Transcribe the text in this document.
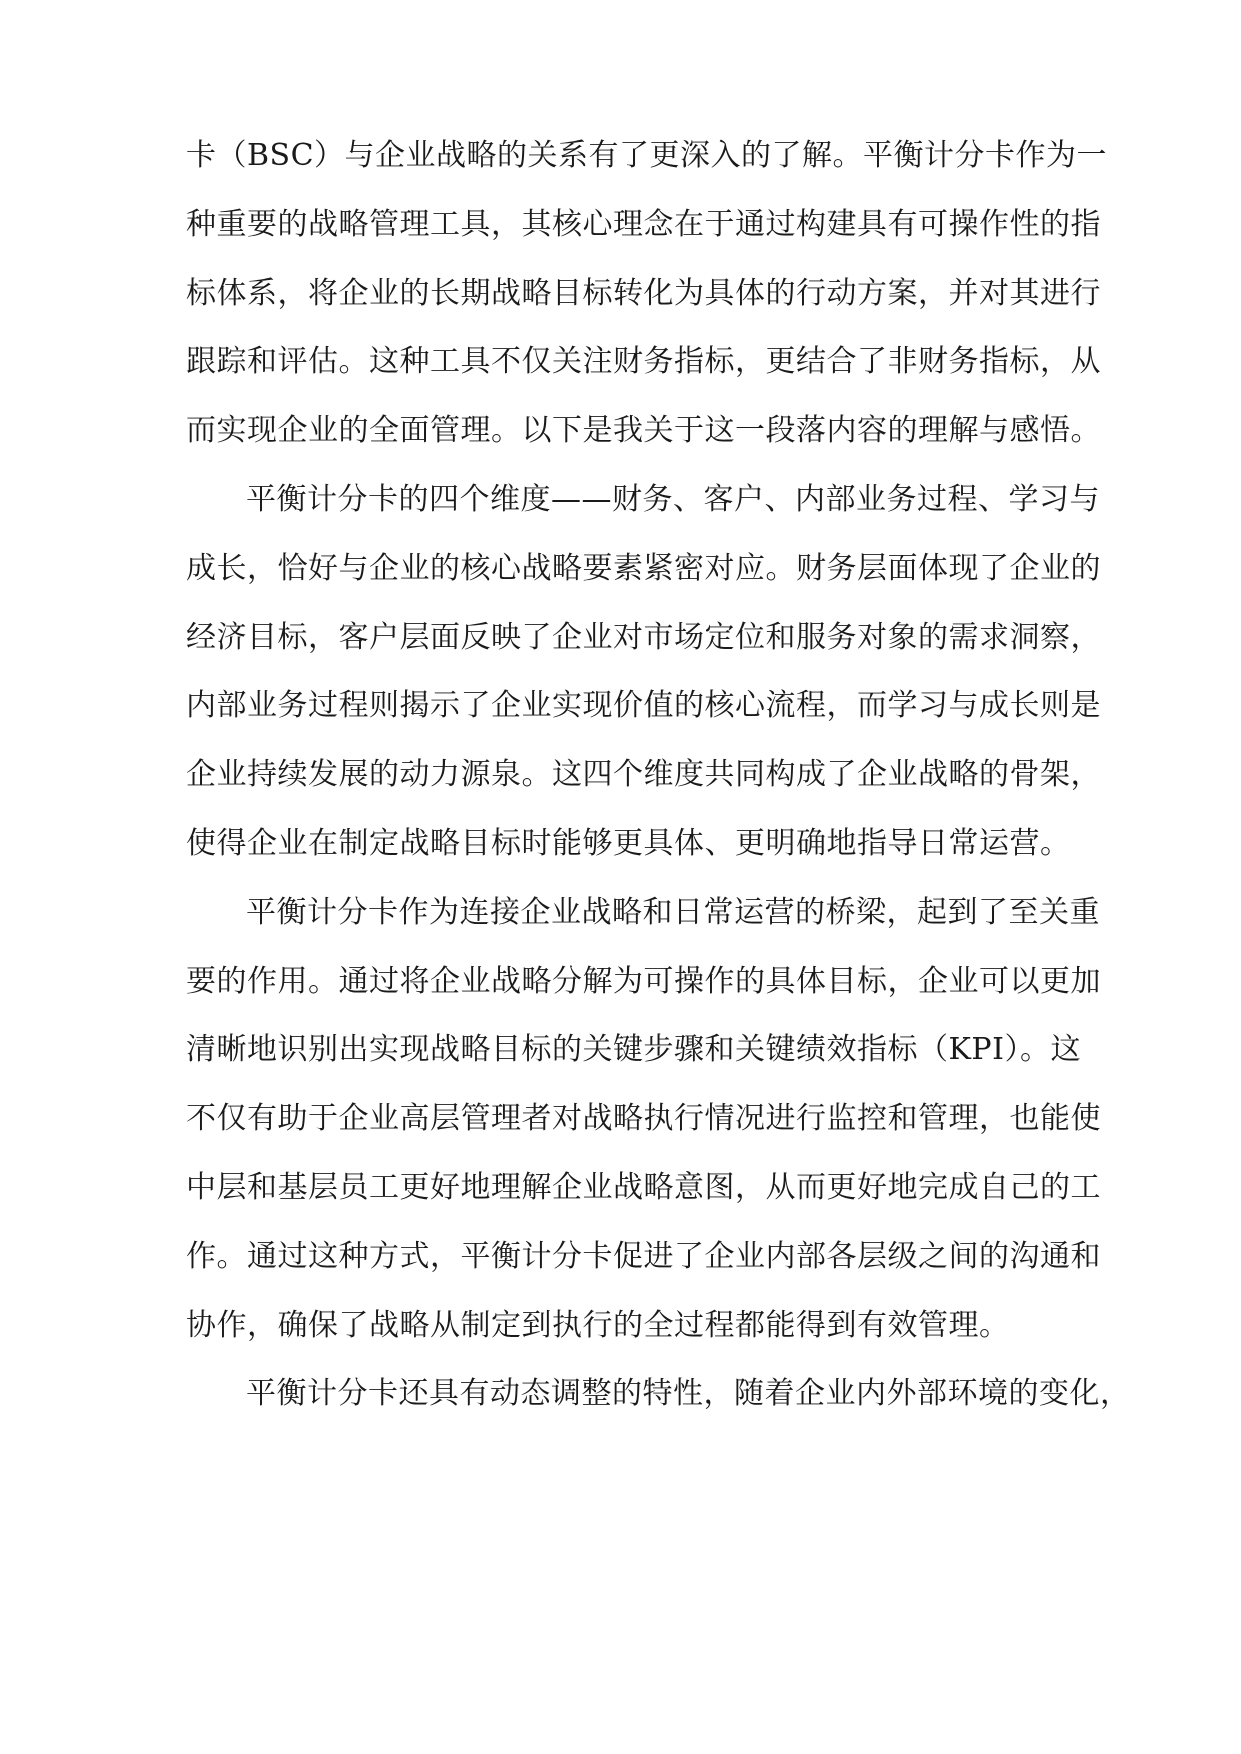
卡（BSC）与企业战略的关系有了更深入的了解。平衡计分卡作为一
种重要的战略管理工具，其核心理念在于通过构建具有可操作性的指
标体系，将企业的长期战略目标转化为具体的行动方案，并对其进行
跟踪和评估。这种工具不仅关注财务指标，更结合了非财务指标，从
而实现企业的全面管理。以下是我关于这一段落内容的理解与感悟。
平衡计分卡的四个维度——财务、客户、内部业务过程、学习与
成长，恰好与企业的核心战略要素紧密对应。财务层面体现了企业的
经济目标，客户层面反映了企业对市场定位和服务对象的需求洞察，
内部业务过程则揭示了企业实现价值的核心流程，而学习与成长则是
企业持续发展的动力源泉。这四个维度共同构成了企业战略的骨架，
使得企业在制定战略目标时能够更具体、更明确地指导日常运营。
平衡计分卡作为连接企业战略和日常运营的桥梁，起到了至关重
要的作用。通过将企业战略分解为可操作的具体目标，企业可以更加
清晰地识别出实现战略目标的关键步骤和关键绩效指标（KPI）。这
不仅有助于企业高层管理者对战略执行情况进行监控和管理，也能使
中层和基层员工更好地理解企业战略意图，从而更好地完成自己的工
作。通过这种方式，平衡计分卡促进了企业内部各层级之间的沟通和
协作，确保了战略从制定到执行的全过程都能得到有效管理。
平衡计分卡还具有动态调整的特性，随着企业内外部环境的变化，
